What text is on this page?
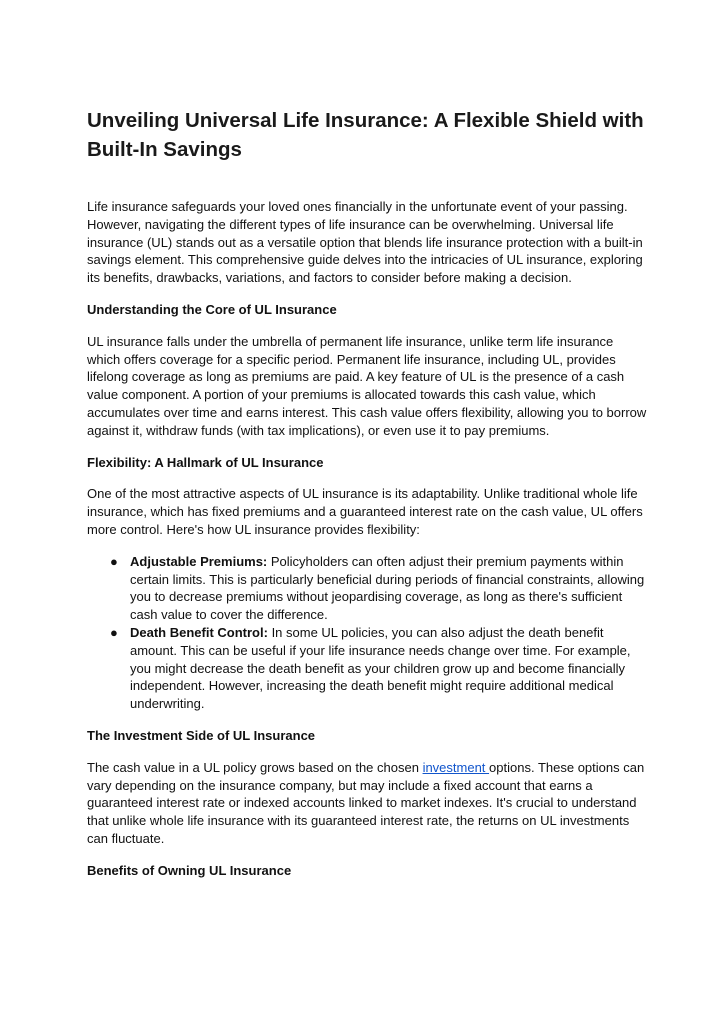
Unveiling Universal Life Insurance: A Flexible Shield with Built-In Savings

Life insurance safeguards your loved ones financially in the unfortunate event of your passing. However, navigating the different types of life insurance can be overwhelming. Universal life insurance (UL) stands out as a versatile option that blends life insurance protection with a built-in savings element. This comprehensive guide delves into the intricacies of UL insurance, exploring its benefits, drawbacks, variations, and factors to consider before making a decision.

Understanding the Core of UL Insurance

UL insurance falls under the umbrella of permanent life insurance, unlike term life insurance which offers coverage for a specific period. Permanent life insurance, including UL, provides lifelong coverage as long as premiums are paid. A key feature of UL is the presence of a cash value component. A portion of your premiums is allocated towards this cash value, which accumulates over time and earns interest. This cash value offers flexibility, allowing you to borrow against it, withdraw funds (with tax implications), or even use it to pay premiums.

Flexibility: A Hallmark of UL Insurance

One of the most attractive aspects of UL insurance is its adaptability. Unlike traditional whole life insurance, which has fixed premiums and a guaranteed interest rate on the cash value, UL offers more control. Here's how UL insurance provides flexibility:

● Adjustable Premiums: Policyholders can often adjust their premium payments within certain limits. This is particularly beneficial during periods of financial constraints, allowing you to decrease premiums without jeopardising coverage, as long as there's sufficient cash value to cover the difference.
● Death Benefit Control: In some UL policies, you can also adjust the death benefit amount. This can be useful if your life insurance needs change over time. For example, you might decrease the death benefit as your children grow up and become financially independent. However, increasing the death benefit might require additional medical underwriting.

The Investment Side of UL Insurance

The cash value in a UL policy grows based on the chosen investment options. These options can vary depending on the insurance company, but may include a fixed account that earns a guaranteed interest rate or indexed accounts linked to market indexes. It's crucial to understand that unlike whole life insurance with its guaranteed interest rate, the returns on UL investments can fluctuate.

Benefits of Owning UL Insurance
